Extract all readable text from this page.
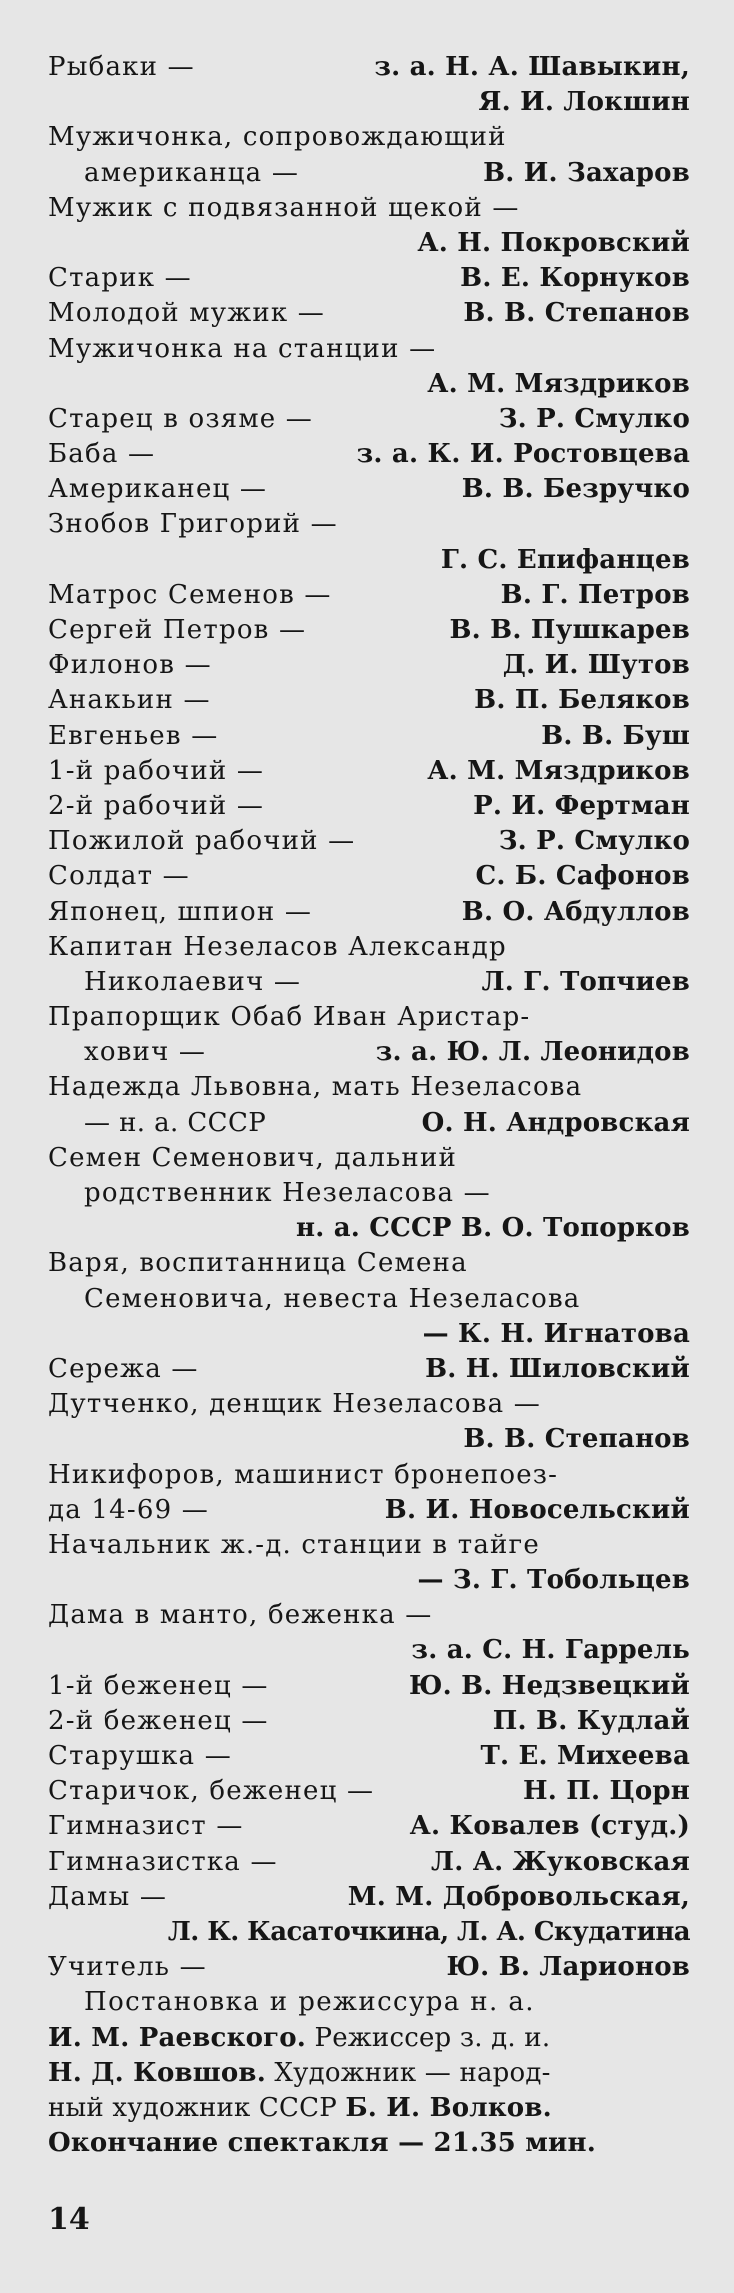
Рыбаки —	з. а. Н. А. Шавыкин,
Я. И. Локшин
Мужичонка, сопровождающий
американца —	В. И. Захаров
Мужик с подвязанной щекой —
А. Н. Покровский
Старик —	В. Е. Корнуков
Молодой мужик —	В. В. Степанов
Мужичонка на станции —
А. М. Мяздриков
Старец в озяме —	З. Р. Смулко
Баба —	з. а. К. И. Ростовцева
Американец —	В. В. Безручко
Знобов Григорий —
Г. С. Епифанцев
Матрос Семенов —	В. Г. Петров
Сергей Петров —	В. В. Пушкарев
Филонов —	Д. И. Шутов
Анакьин —	В. П. Беляков
Евгеньев —	В. В. Буш
1-й рабочий —	А. М. Мяздриков
2-й рабочий —	Р. И. Фертман
Пожилой рабочий —	З. Р. Смулко
Солдат —	С. Б. Сафонов
Японец, шпион —	В. О. Абдуллов
Капитан Незеласов Александр
Николаевич —	Л. Г. Топчиев
Прапорщик Обаб Иван Аристар-
хович —	з. а. Ю. Л. Леонидов
Надежда Львовна, мать Незеласова
— н. а. СССР	О. Н. Андровская
Семен Семенович, дальний
родственник Незеласова —
н. а. СССР В. О. Топорков
Варя, воспитанница Семена
Семеновича, невеста Незеласова
— К. Н. Игнатова
Сережа —	В. Н. Шиловский
Дутченко, денщик Незеласова —
В. В. Степанов
Никифоров, машинист бронепоез-
да 14-69 —	В. И. Новосельский
Начальник ж.-д. станции в тайге
— З. Г. Тобольцев
Дама в манто, беженка —
з. а. С. Н. Гаррель
1-й беженец —	Ю. В. Недзвецкий
2-й беженец —	П. В. Кудлай
Старушка —	Т. Е. Михеева
Старичок, беженец —	Н. П. Цорн
Гимназист —	А. Ковалев (студ.)
Гимназистка —	Л. А. Жуковская
Дамы —	М. М. Добровольская,
Л. К. Касаточкина, Л. А. Скудатина
Учитель —	Ю. В. Ларионов
Постановка и режиссура н. а.
И. М. Раевского. Режиссер з. д. и.
Н. Д. Ковшов. Художник — народ-
ный художник СССР Б. И. Волков.
Окончание спектакля — 21.35 мин.
14
